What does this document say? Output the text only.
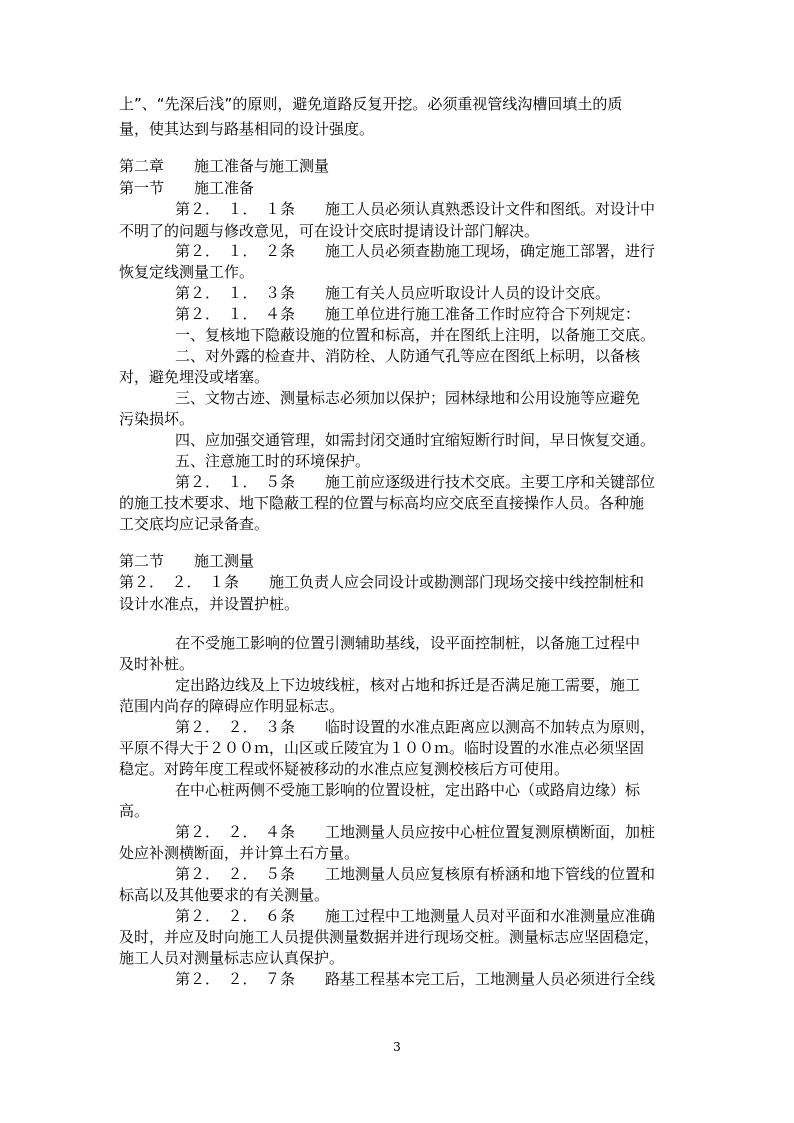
上”、“先深后浅”的原则，避免道路反复开挖。必须重视管线沟槽回填土的质
量，使其达到与路基相同的设计强度。
第二章　　施工准备与施工测量
第一节　　施工准备
第２．　１．　１条　　施工人员必须认真熟悉设计文件和图纸。对设计中
不明了的问题与修改意见，可在设计交底时提请设计部门解决。
第２．　１．　２条　　施工人员必须查勘施工现场，确定施工部署，进行
恢复定线测量工作。
第２．　１．　３条　　施工有关人员应听取设计人员的设计交底。
第２．　１．　４条　　施工单位进行施工准备工作时应符合下列规定：
一、复核地下隐蔽设施的位置和标高，并在图纸上注明，以备施工交底。
二、对外露的检查井、消防栓、人防通气孔等应在图纸上标明，以备核
对，避免埋没或堵塞。
三、文物古迹、测量标志必须加以保护；园林绿地和公用设施等应避免
污染损坏。
四、应加强交通管理，如需封闭交通时宜缩短断行时间，早日恢复交通。
五、注意施工时的环境保护。
第２．　１．　５条　　施工前应逐级进行技术交底。主要工序和关键部位
的施工技术要求、地下隐蔽工程的位置与标高均应交底至直接操作人员。各种施
工交底均应记录备查。
第二节　　施工测量
第２．　２．　１条　　施工负责人应会同设计或勘测部门现场交接中线控制桩和
设计水准点，并设置护桩。
在不受施工影响的位置引测辅助基线，设平面控制桩，以备施工过程中
及时补桩。
定出路边线及上下边坡线桩，核对占地和拆迁是否满足施工需要，施工
范围内尚存的障碍应作明显标志。
第２．　２．　３条　　临时设置的水准点距离应以测高不加转点为原则，
平原不得大于２００ｍ，山区或丘陵宜为１００ｍ。临时设置的水准点必须坚固
稳定。对跨年度工程或怀疑被移动的水准点应复测校核后方可使用。
在中心桩两侧不受施工影响的位置设桩，定出路中心（或路肩边缘）标
高。
第２．　２．　４条　　工地测量人员应按中心桩位置复测原横断面，加桩
处应补测横断面，并计算土石方量。
第２．　２．　５条　　工地测量人员应复核原有桥涵和地下管线的位置和
标高以及其他要求的有关测量。
第２．　２．　６条　　施工过程中工地测量人员对平面和水准测量应准确
及时，并应及时向施工人员提供测量数据并进行现场交桩。测量标志应坚固稳定，
施工人员对测量标志应认真保护。
第２．　２．　７条　　路基工程基本完工后，工地测量人员必须进行全线
3
